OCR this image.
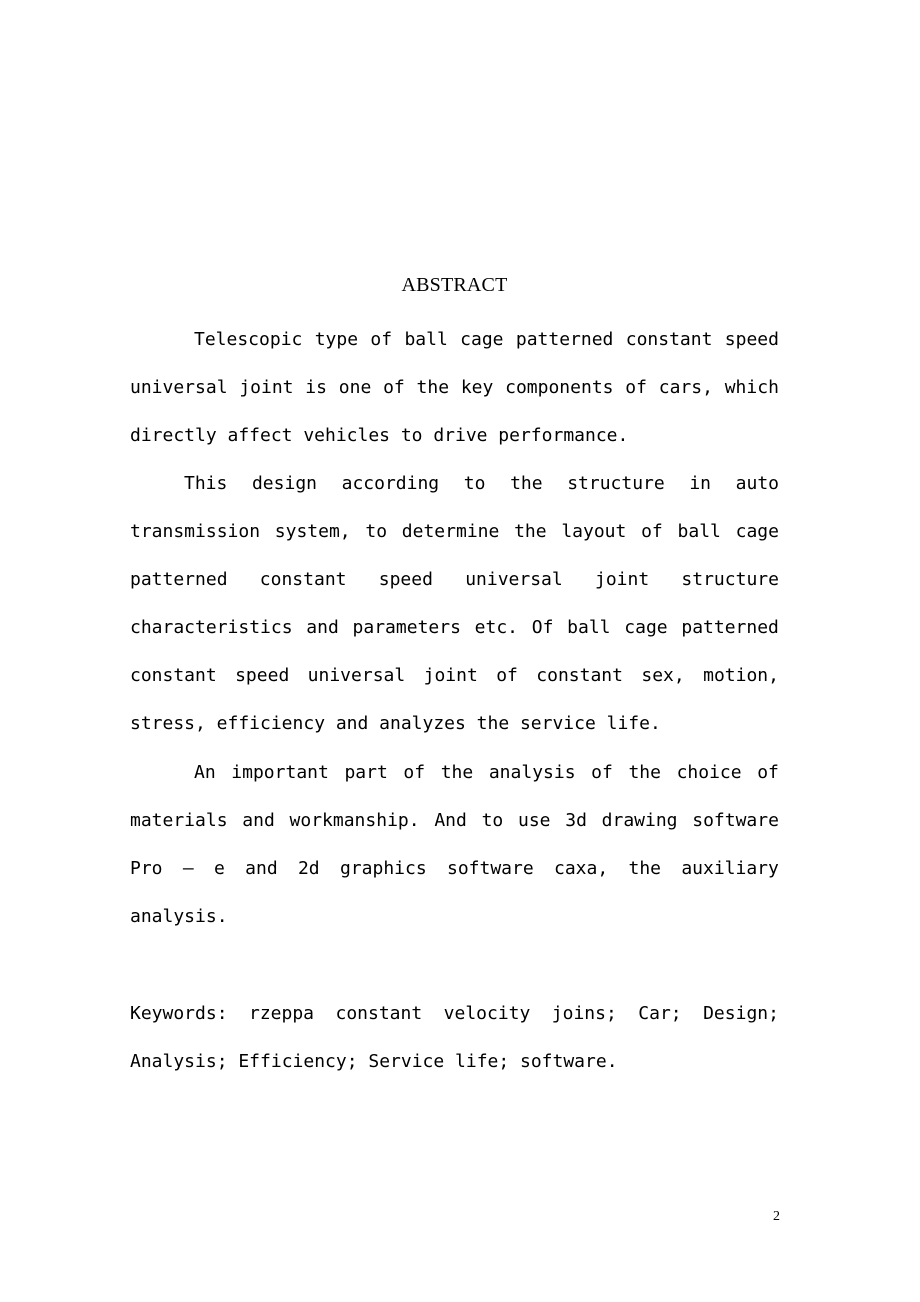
ABSTRACT
Telescopic type of ball cage patterned constant speed
universal joint is one of the key components of cars, which
directly affect vehicles to drive performance.
This design according to the structure in auto
transmission system, to determine the layout of ball cage
patterned constant speed universal joint structure
characteristics and parameters etc. Of ball cage patterned
constant speed universal joint of constant sex, motion,
stress, efficiency and analyzes the service life.
An important part of the analysis of the choice of
materials and workmanship. And to use 3d drawing software
Pro – e and 2d graphics software caxa, the auxiliary
analysis.
Keywords: rzeppa constant velocity joins; Car; Design;
Analysis; Efficiency; Service life; software.
2
